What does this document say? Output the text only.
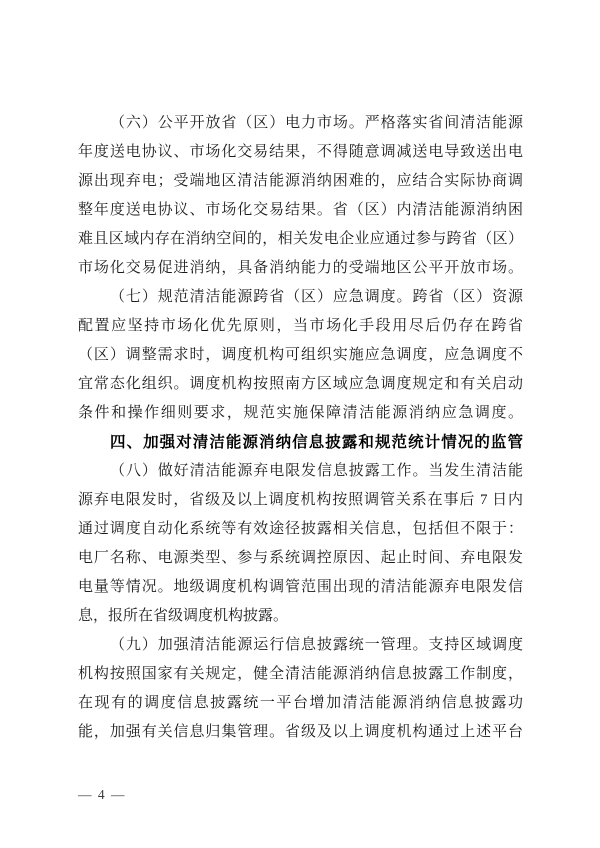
（六）公平开放省（区）电力市场。严格落实省间清洁能源
年度送电协议、市场化交易结果，不得随意调减送电导致送出电
源出现弃电；受端地区清洁能源消纳困难的，应结合实际协商调
整年度送电协议、市场化交易结果。省（区）内清洁能源消纳困
难且区域内存在消纳空间的，相关发电企业应通过参与跨省（区）
市场化交易促进消纳，具备消纳能力的受端地区公平开放市场。
（七）规范清洁能源跨省（区）应急调度。跨省（区）资源
配置应坚持市场化优先原则，当市场化手段用尽后仍存在跨省
（区）调整需求时，调度机构可组织实施应急调度，应急调度不
宜常态化组织。调度机构按照南方区域应急调度规定和有关启动
条件和操作细则要求，规范实施保障清洁能源消纳应急调度。
四、加强对清洁能源消纳信息披露和规范统计情况的监管
（八）做好清洁能源弃电限发信息披露工作。当发生清洁能
源弃电限发时，省级及以上调度机构按照调管关系在事后 7 日内
通过调度自动化系统等有效途径披露相关信息，包括但不限于：
电厂名称、电源类型、参与系统调控原因、起止时间、弃电限发
电量等情况。地级调度机构调管范围出现的清洁能源弃电限发信
息，报所在省级调度机构披露。
（九）加强清洁能源运行信息披露统一管理。支持区域调度
机构按照国家有关规定，健全清洁能源消纳信息披露工作制度，
在现有的调度信息披露统一平台增加清洁能源消纳信息披露功
能，加强有关信息归集管理。省级及以上调度机构通过上述平台
— 4 —
